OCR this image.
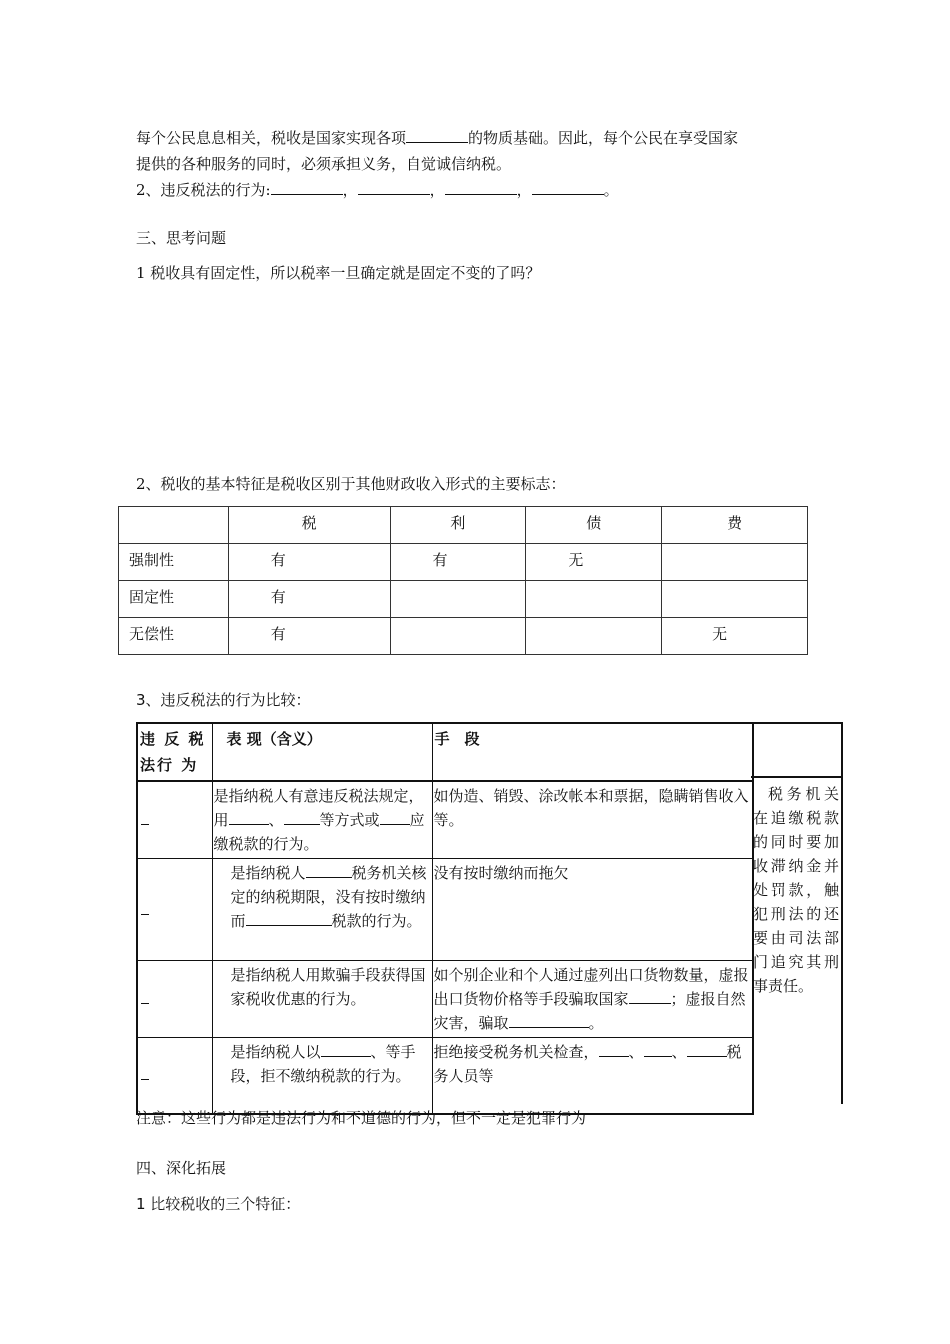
每个公民息息相关，税收是国家实现各项	的物质基础。因此，每个公民在享受国家
提供的各种服务的同时，必须承担义务，自觉诚信纳税。
2、违反税法的行为:	，	，	，	。
三、思考问题
1 税收具有固定性，所以税率一旦确定就是固定不变的了吗？
2、税收的基本特征是税收区别于其他财政收入形式的主要标志：
	税	利	债	费
强制性	有	有	无	
固定性	有			
无偿性	有			无
3、违反税法的行为比较：
违 反 税 法行 为	表 现（含义）	手　段
	是指纳税人有意违反税法规定，用 、 等方式或 应缴税款的行为。	如伪造、销毁、涂改帐本和票据，隐瞒销售收入等。
	是指纳税人 税务机关核定的纳税期限，没有按时缴纳而 税款的行为。	没有按时缴纳而拖欠
	是指纳税人用欺骗手段获得国家税收优惠的行为。	如个别企业和个人通过虚列出口货物数量，虚报出口货物价格等手段骗取国家 ；虚报自然灾害，骗取 。
	是指纳税人以 、等手段，拒不缴纳税款的行为。	拒绝接受税务机关检查， 、 、 税务人员等
税务机关在追缴税款的同时要加收滞纳金并处罚款，触犯刑法的还要由司法部门追究其刑事责任。
注意：这些行为都是违法行为和不道德的行为，但不一定是犯罪行为
四、深化拓展
1 比较税收的三个特征：
